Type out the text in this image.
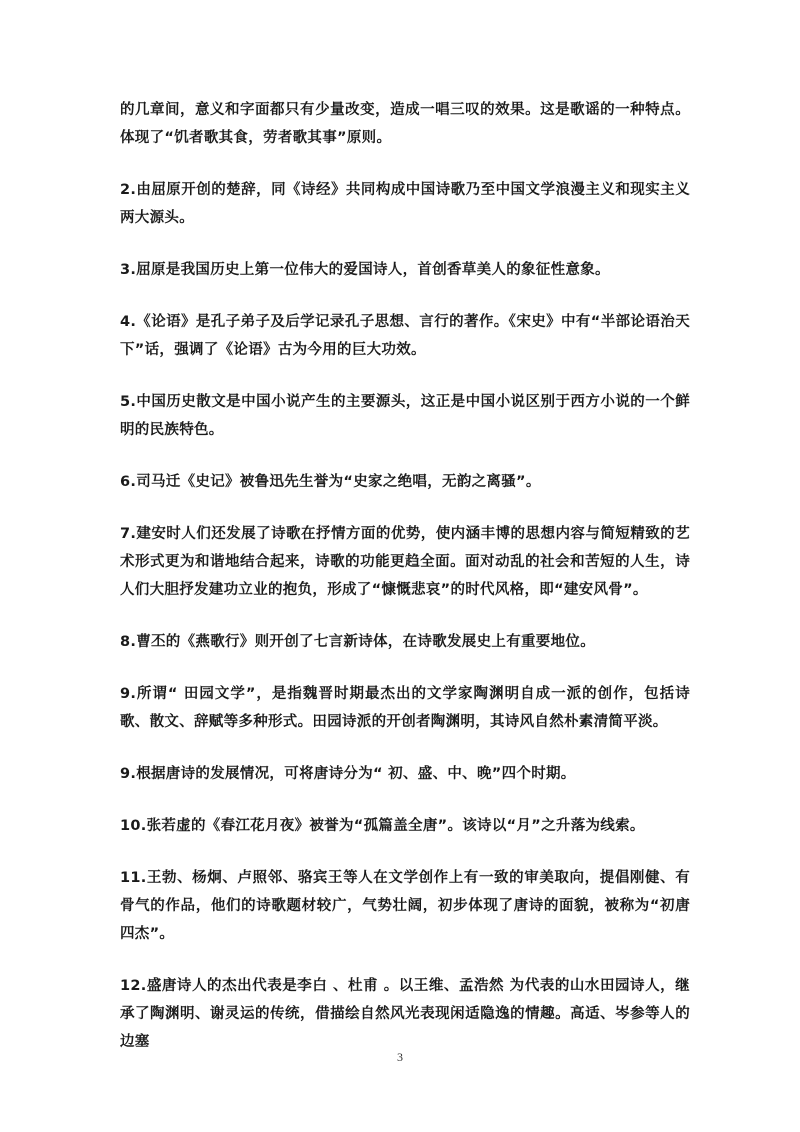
的几章间，意义和字面都只有少量改变，造成一唱三叹的效果。这是歌谣的一种特点。体现了“饥者歌其食，劳者歌其事”原则。

2.由屈原开创的楚辞，同《诗经》共同构成中国诗歌乃至中国文学浪漫主义和现实主义两大源头。

3.屈原是我国历史上第一位伟大的爱国诗人，首创香草美人的象征性意象。

4.《论语》是孔子弟子及后学记录孔子思想、言行的著作。《宋史》中有“半部论语治天下”话，强调了《论语》古为今用的巨大功效。

5.中国历史散文是中国小说产生的主要源头，这正是中国小说区别于西方小说的一个鲜明的民族特色。

6.司马迁《史记》被鲁迅先生誉为“史家之绝唱，无韵之离骚”。

7.建安时人们还发展了诗歌在抒情方面的优势，使内涵丰博的思想内容与简短精致的艺术形式更为和谐地结合起来，诗歌的功能更趋全面。面对动乱的社会和苦短的人生，诗人们大胆抒发建功立业的抱负，形成了“慷慨悲哀”的时代风格，即“建安风骨”。

8.曹丕的《燕歌行》则开创了七言新诗体，在诗歌发展史上有重要地位。

9.所谓“ 田园文学”，是指魏晋时期最杰出的文学家陶渊明自成一派的创作，包括诗歌、散文、辞赋等多种形式。田园诗派的开创者陶渊明，其诗风自然朴素清简平淡。

9.根据唐诗的发展情况，可将唐诗分为“ 初、盛、中、晚”四个时期。

10.张若虚的《春江花月夜》被誉为“孤篇盖全唐”。该诗以“月”之升落为线索。

11.王勃、杨炯、卢照邻、骆宾王等人在文学创作上有一致的审美取向，提倡刚健、有骨气的作品，他们的诗歌题材较广，气势壮阔，初步体现了唐诗的面貌，被称为“初唐四杰”。

12.盛唐诗人的杰出代表是李白 、杜甫 。以王维、孟浩然 为代表的山水田园诗人，继承了陶渊明、谢灵运的传统，借描绘自然风光表现闲适隐逸的情趣。高适、岑参等人的边塞

3
